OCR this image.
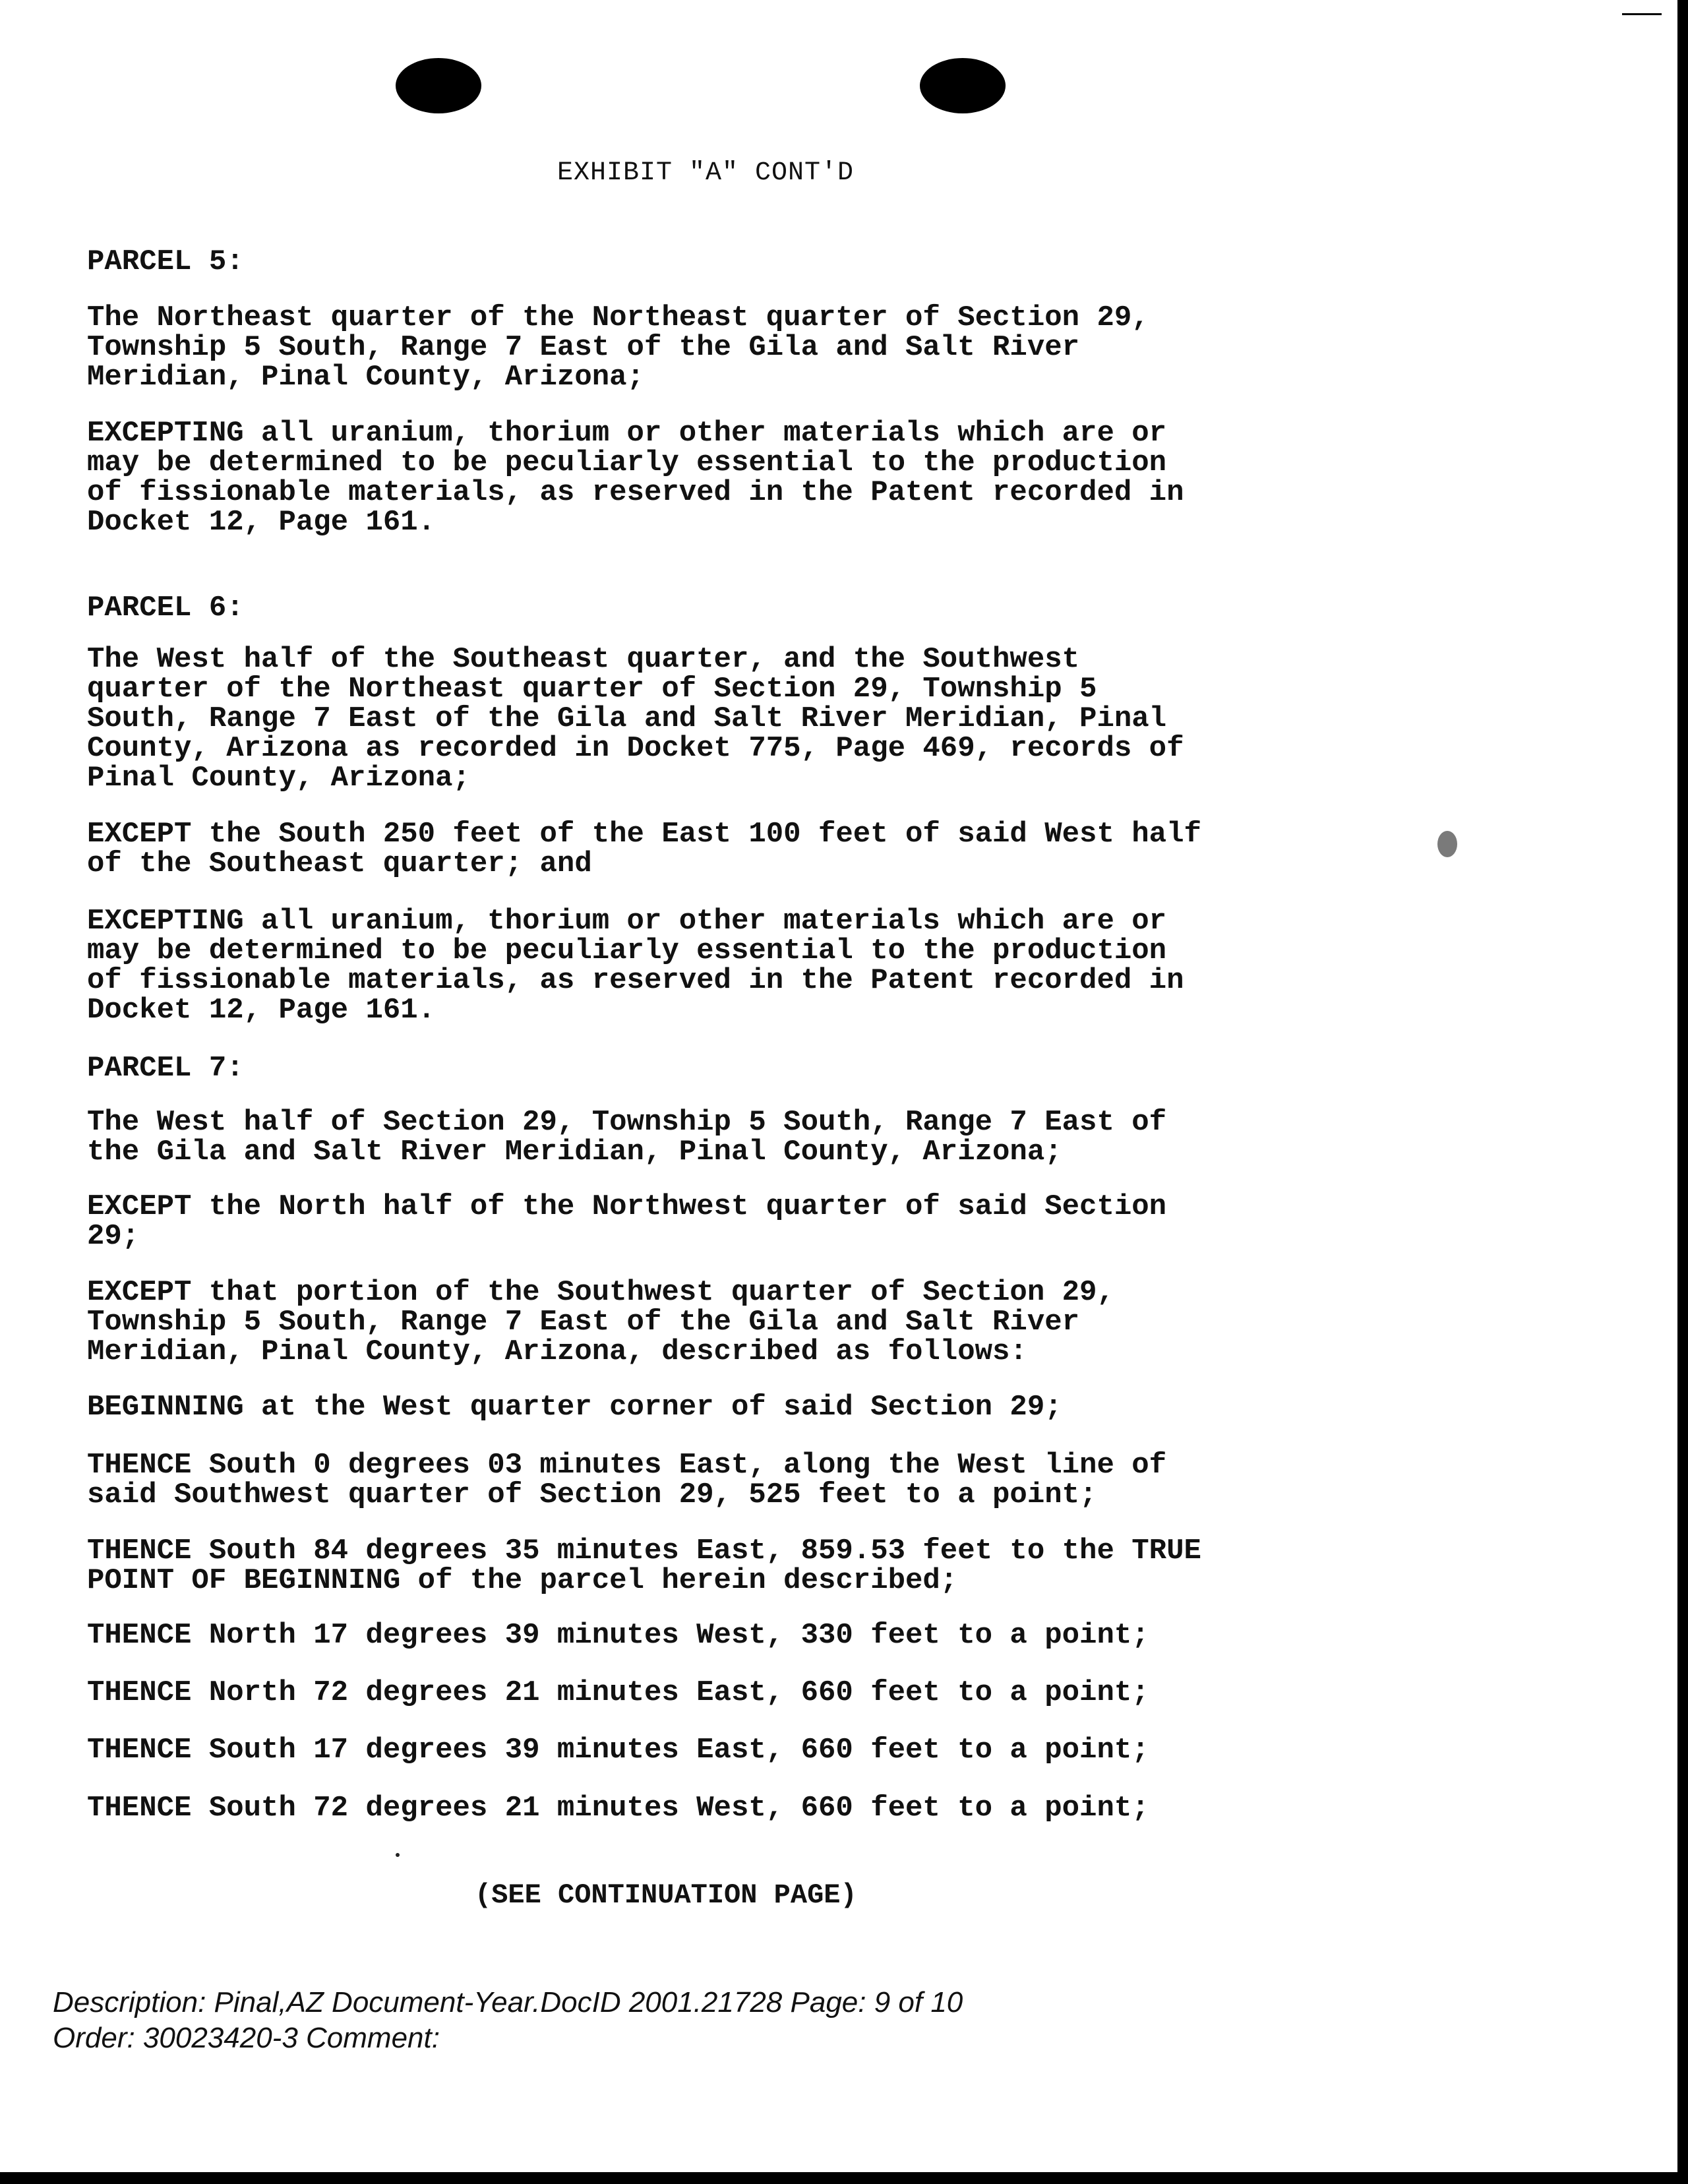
EXHIBIT "A" CONT'D
PARCEL 5:
The Northeast quarter of the Northeast quarter of Section 29,
Township 5 South, Range 7 East of the Gila and Salt River
Meridian, Pinal County, Arizona;
EXCEPTING all uranium, thorium or other materials which are or
may be determined to be peculiarly essential to the production
of fissionable materials, as reserved in the Patent recorded in
Docket 12, Page 161.
PARCEL 6:
The West half of the Southeast quarter, and the Southwest
quarter of the Northeast quarter of Section 29, Township 5
South, Range 7 East of the Gila and Salt River Meridian, Pinal
County, Arizona as recorded in Docket 775, Page 469, records of
Pinal County, Arizona;
EXCEPT the South 250 feet of the East 100 feet of said West half
of the Southeast quarter; and
EXCEPTING all uranium, thorium or other materials which are or
may be determined to be peculiarly essential to the production
of fissionable materials, as reserved in the Patent recorded in
Docket 12, Page 161.
PARCEL 7:
The West half of Section 29, Township 5 South, Range 7 East of
the Gila and Salt River Meridian, Pinal County, Arizona;
EXCEPT the North half of the Northwest quarter of said Section
29;
EXCEPT that portion of the Southwest quarter of Section 29,
Township 5 South, Range 7 East of the Gila and Salt River
Meridian, Pinal County, Arizona, described as follows:
BEGINNING at the West quarter corner of said Section 29;
THENCE South 0 degrees 03 minutes East, along the West line of
said Southwest quarter of Section 29, 525 feet to a point;
THENCE South 84 degrees 35 minutes East, 859.53 feet to the TRUE
POINT OF BEGINNING of the parcel herein described;
THENCE North 17 degrees 39 minutes West, 330 feet to a point;
THENCE North 72 degrees 21 minutes East, 660 feet to a point;
THENCE South 17 degrees 39 minutes East, 660 feet to a point;
THENCE South 72 degrees 21 minutes West, 660 feet to a point;
(SEE CONTINUATION PAGE)
Description: Pinal,AZ Document-Year.DocID 2001.21728 Page: 9 of 10
Order: 30023420-3 Comment:
